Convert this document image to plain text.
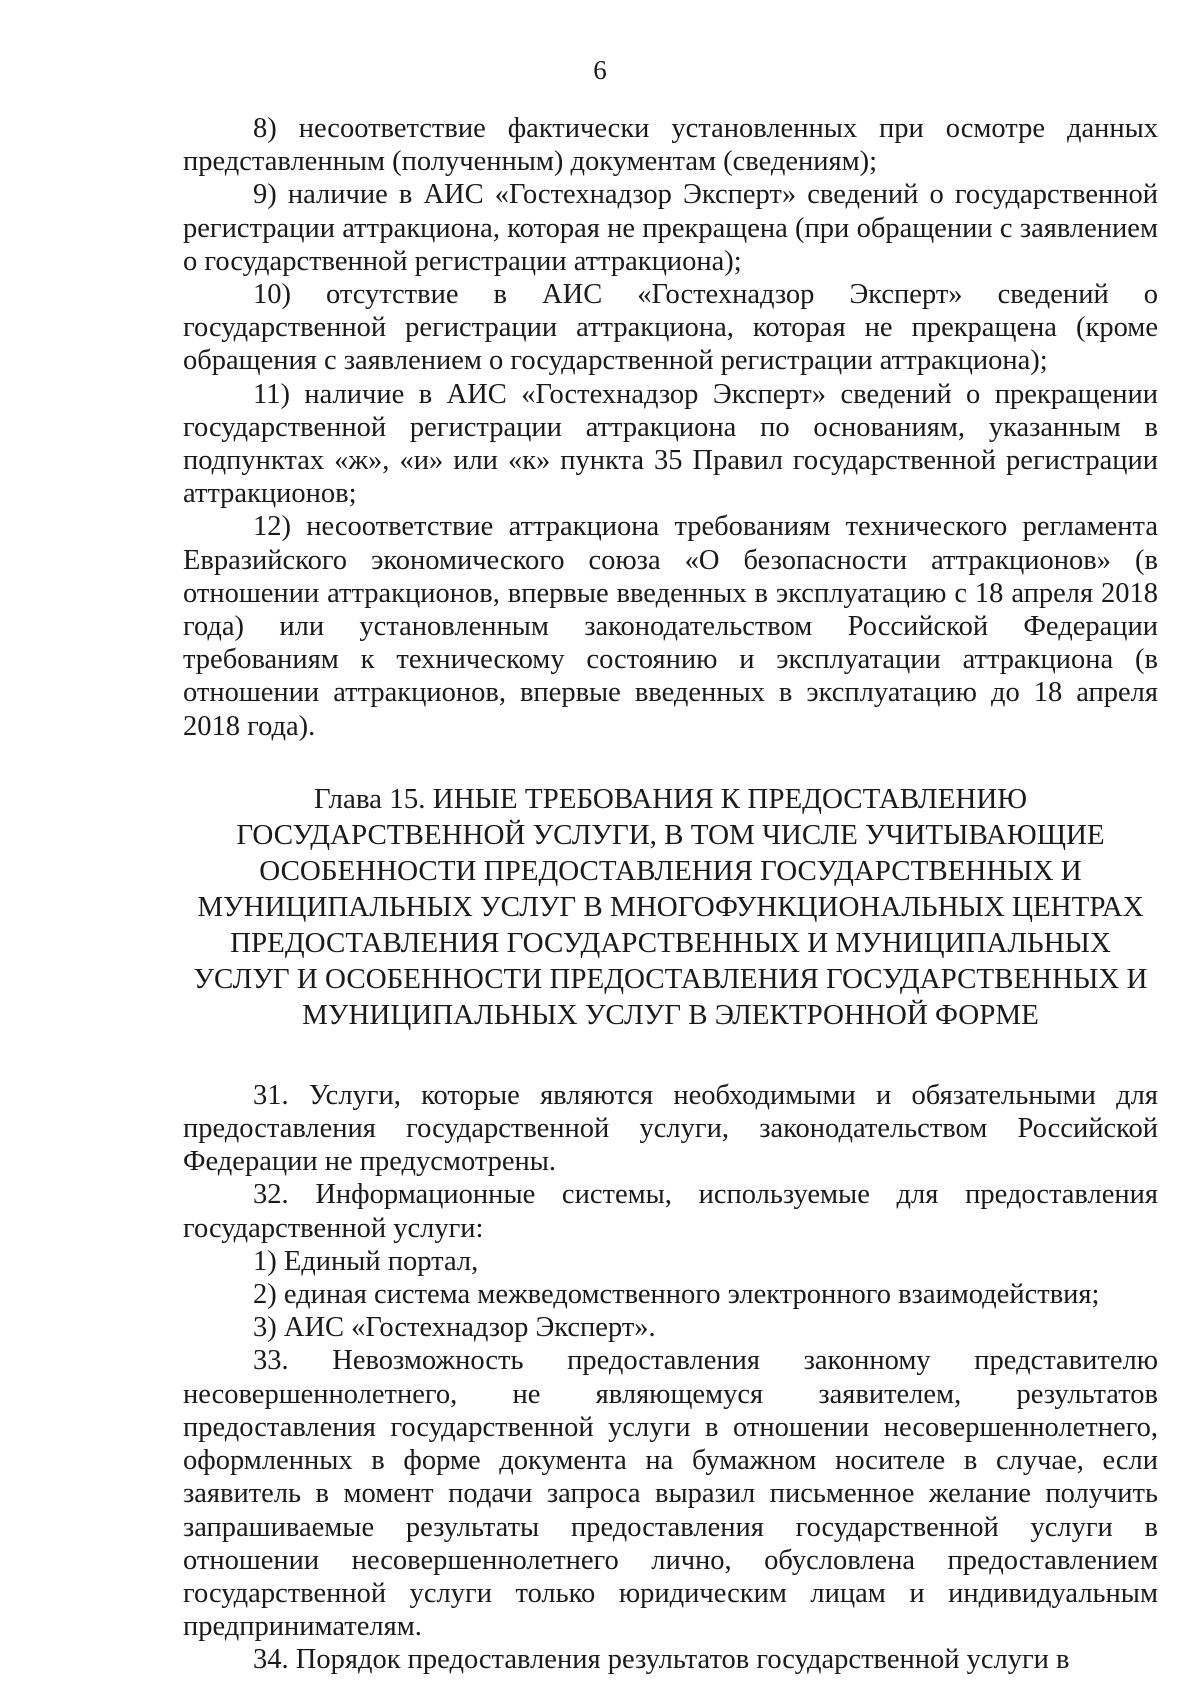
6

8) несоответствие фактически установленных при осмотре данных представленным (полученным) документам (сведениям);

9) наличие в АИС «Гостехнадзор Эксперт» сведений о государственной регистрации аттракциона, которая не прекращена (при обращении с заявлением о государственной регистрации аттракциона);

10) отсутствие в АИС «Гостехнадзор Эксперт» сведений о государственной регистрации аттракциона, которая не прекращена (кроме обращения с заявлением о государственной регистрации аттракциона);

11) наличие в АИС «Гостехнадзор Эксперт» сведений о прекращении государственной регистрации аттракциона по основаниям, указанным в подпунктах «ж», «и» или «к» пункта 35 Правил государственной регистрации аттракционов;

12) несоответствие аттракциона требованиям технического регламента Евразийского экономического союза «О безопасности аттракционов» (в отношении аттракционов, впервые введенных в эксплуатацию с 18 апреля 2018 года) или установленным законодательством Российской Федерации требованиям к техническому состоянию и эксплуатации аттракциона (в отношении аттракционов, впервые введенных в эксплуатацию до 18 апреля 2018 года).

Глава 15. ИНЫЕ ТРЕБОВАНИЯ К ПРЕДОСТАВЛЕНИЮ ГОСУДАРСТВЕННОЙ УСЛУГИ, В ТОМ ЧИСЛЕ УЧИТЫВАЮЩИЕ ОСОБЕННОСТИ ПРЕДОСТАВЛЕНИЯ ГОСУДАРСТВЕННЫХ И МУНИЦИПАЛЬНЫХ УСЛУГ В МНОГОФУНКЦИОНАЛЬНЫХ ЦЕНТРАХ ПРЕДОСТАВЛЕНИЯ ГОСУДАРСТВЕННЫХ И МУНИЦИПАЛЬНЫХ УСЛУГ И ОСОБЕННОСТИ ПРЕДОСТАВЛЕНИЯ ГОСУДАРСТВЕННЫХ И МУНИЦИПАЛЬНЫХ УСЛУГ В ЭЛЕКТРОННОЙ ФОРМЕ

31. Услуги, которые являются необходимыми и обязательными для предоставления государственной услуги, законодательством Российской Федерации не предусмотрены.

32. Информационные системы, используемые для предоставления государственной услуги:

1) Единый портал,

2) единая система межведомственного электронного взаимодействия;

3) АИС «Гостехнадзор Эксперт».

33. Невозможность предоставления законному представителю несовершеннолетнего, не являющемуся заявителем, результатов предоставления государственной услуги в отношении несовершеннолетнего, оформленных в форме документа на бумажном носителе в случае, если заявитель в момент подачи запроса выразил письменное желание получить запрашиваемые результаты предоставления государственной услуги в отношении несовершеннолетнего лично, обусловлена предоставлением государственной услуги только юридическим лицам и индивидуальным предпринимателям.

34. Порядок предоставления результатов государственной услуги в
